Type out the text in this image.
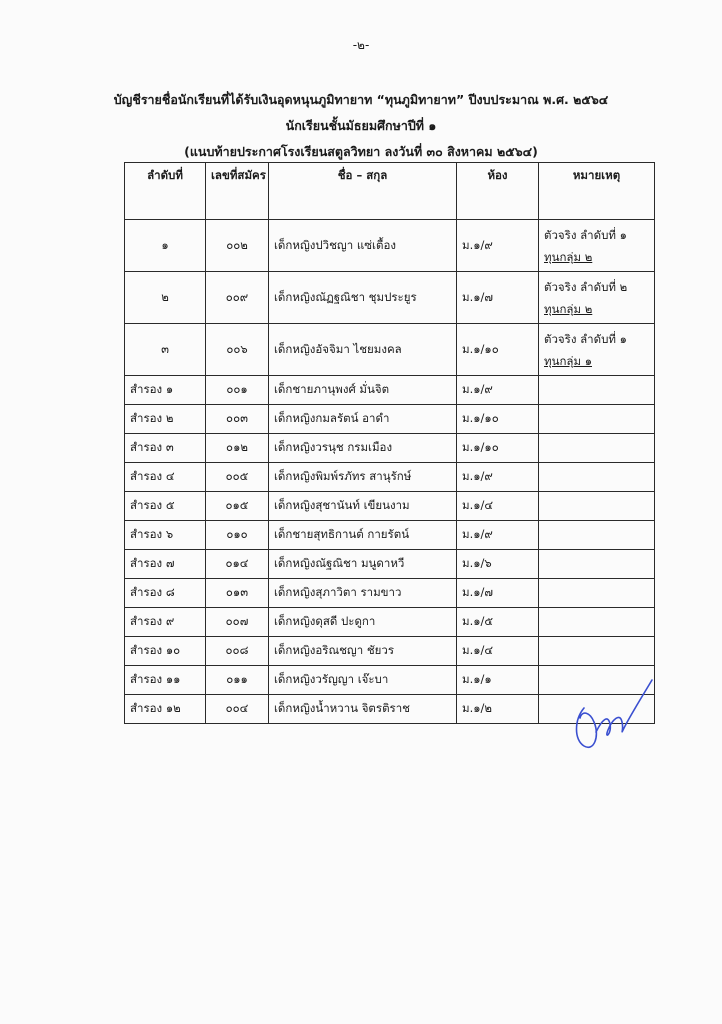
-๒-
บัญชีรายชื่อนักเรียนที่ได้รับเงินอุดหนุนภูมิทายาท “ทุนภูมิทายาท” ปีงบประมาณ พ.ศ. ๒๕๖๔
นักเรียนชั้นมัธยมศึกษาปีที่ ๑
(แนบท้ายประกาศโรงเรียนสตูลวิทยา ลงวันที่ ๓๐ สิงหาคม ๒๕๖๔)
ลำดับที่	เลขที่สมัคร	ชื่อ – สกุล	ห้อง	หมายเหตุ
๑	๐๐๒	เด็กหญิงปวิชญา แซ่เตื้อง	ม.๑/๙	ตัวจริง ลำดับที่ ๑
ทุนกลุ่ม ๒

๒	๐๐๙	เด็กหญิงณัฏฐณิชา ชุมประยูร	ม.๑/๗	ตัวจริง ลำดับที่ ๒
ทุนกลุ่ม ๒

๓	๐๐๖	เด็กหญิงอัจจิมา ไชยมงคล	ม.๑/๑๐	ตัวจริง ลำดับที่ ๑
ทุนกลุ่ม ๑

สำรอง ๑	๐๐๑	เด็กชายภานุพงศ์ มั่นจิต	ม.๑/๙	
สำรอง ๒	๐๐๓	เด็กหญิงกมลรัตน์ อาดำ	ม.๑/๑๐	
สำรอง ๓	๐๑๒	เด็กหญิงวรนุช กรมเมือง	ม.๑/๑๐	
สำรอง ๔	๐๐๕	เด็กหญิงพิมพ์รภัทร สานุรักษ์	ม.๑/๙	
สำรอง ๕	๐๑๕	เด็กหญิงสุชานันท์ เขียนงาม	ม.๑/๔	
สำรอง ๖	๐๑๐	เด็กชายสุทธิกานต์ กายรัตน์	ม.๑/๙	
สำรอง ๗	๐๑๔	เด็กหญิงณัฐณิชา มนูดาหวี	ม.๑/๖	
สำรอง ๘	๐๑๓	เด็กหญิงสุภาวิตา รามขาว	ม.๑/๗	
สำรอง ๙	๐๐๗	เด็กหญิงดุสดี ปะดูกา	ม.๑/๕	
สำรอง ๑๐	๐๐๘	เด็กหญิงอริณชญา ชัยวร	ม.๑/๔	
สำรอง ๑๑	๐๑๑	เด็กหญิงวรัญญา เจ๊ะบา	ม.๑/๑	
สำรอง ๑๒	๐๐๔	เด็กหญิงน้ำหวาน จิตรติราช	ม.๑/๒	
